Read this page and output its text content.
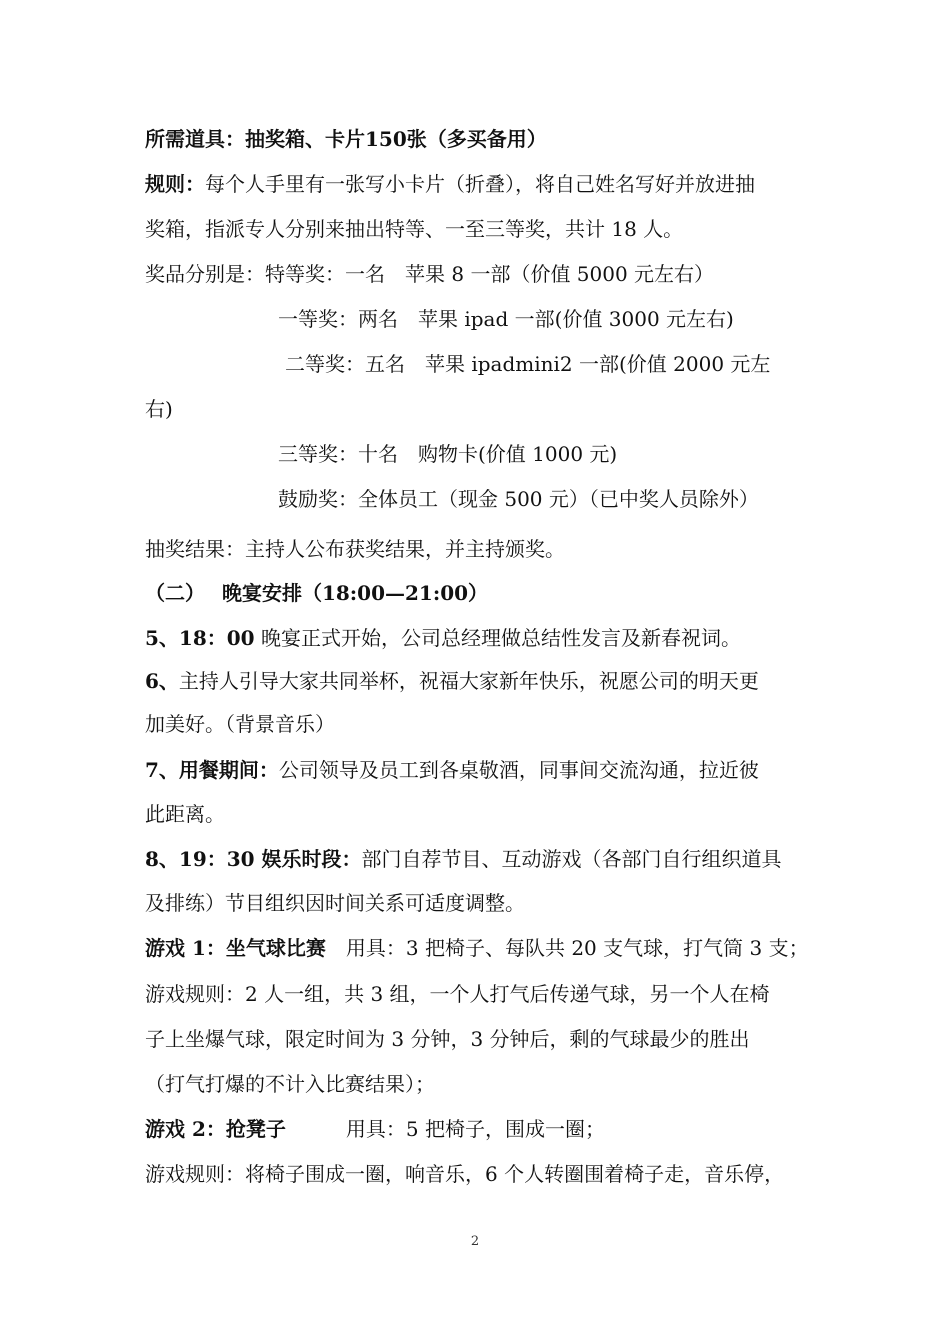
所需道具：抽奖箱、卡片150张（多买备用）
规则：每个人手里有一张写小卡片（折叠），将自己姓名写好并放进抽
奖箱，指派专人分别来抽出特等、一至三等奖，共计 18 人。
奖品分别是：特等奖：一名　苹果 8 一部（价值 5000 元左右）
一等奖：两名　苹果 ipad 一部(价值 3000 元左右)
二等奖：五名　苹果 ipadmini2 一部(价值 2000 元左
右)
三等奖：十名　购物卡(价值 1000 元)
鼓励奖：全体员工（现金 500 元）（已中奖人员除外）
抽奖结果：主持人公布获奖结果，并主持颁奖。
（二）　 晚宴安排（18:00—21:00）
5、18：00 晚宴正式开始，公司总经理做总结性发言及新春祝词。
6、主持人引导大家共同举杯，祝福大家新年快乐，祝愿公司的明天更
加美好。（背景音乐）
7、用餐期间：公司领导及员工到各桌敬酒，同事间交流沟通，拉近彼
此距离。
8、19：30 娱乐时段：部门自荐节目、互动游戏（各部门自行组织道具
及排练）节目组织因时间关系可适度调整。
游戏 1：坐气球比赛　用具：3 把椅子、每队共 20 支气球，打气筒 3 支；
游戏规则：2 人一组，共 3 组，一个人打气后传递气球，另一个人在椅
子上坐爆气球，限定时间为 3 分钟，3 分钟后，剩的气球最少的胜出
（打气打爆的不计入比赛结果）；
游戏 2：抢凳子　　　用具：5 把椅子，围成一圈；
游戏规则：将椅子围成一圈，响音乐，6 个人转圈围着椅子走，音乐停，
2
